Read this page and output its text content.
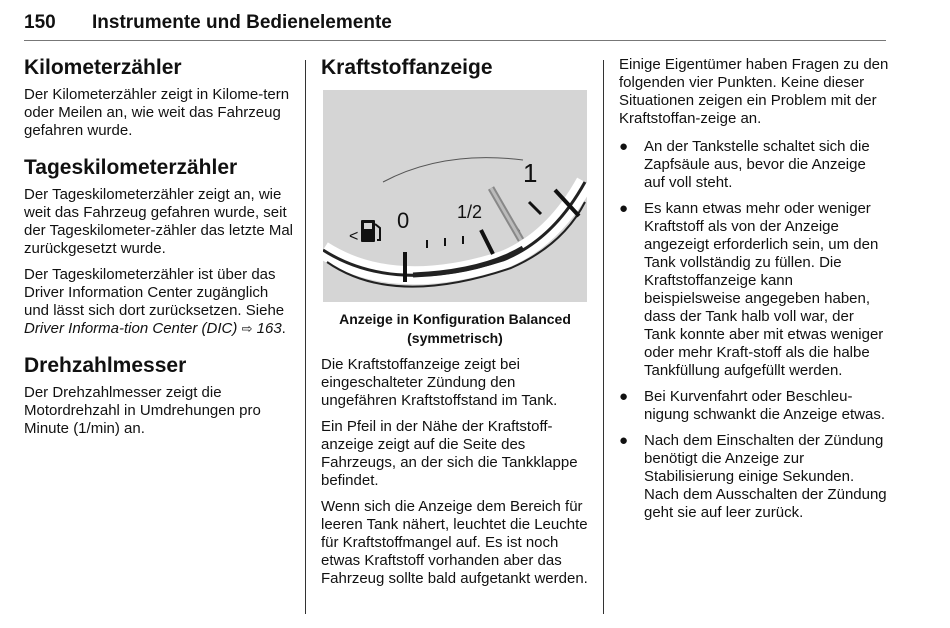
150 Instrumente und Bedienelemente
Kilometerzähler

Der Kilometerzähler zeigt in Kilome-tern oder Meilen an, wie weit das Fahrzeug gefahren wurde.

Tageskilometerzähler

Der Tageskilometerzähler zeigt an, wie weit das Fahrzeug gefahren wurde, seit der Tageskilometer-zähler das letzte Mal zurückgesetzt wurde.

Der Tageskilometerzähler ist über das Driver Information Center zugänglich und lässt sich dort zurücksetzen. Siehe Driver Informa-tion Center (DIC) ⇨ 163.

Drehzahlmesser

Der Drehzahlmesser zeigt die Motordrehzahl in Umdrehungen pro Minute (1/min) an.

Kraftstoffanzeige
0	1/2
1
<

Anzeige in Konfiguration Balanced (symmetrisch)

Die Kraftstoffanzeige zeigt bei eingeschalteter Zündung den ungefähren Kraftstoffstand im Tank.

Ein Pfeil in der Nähe der Kraftstoff-anzeige zeigt auf die Seite des Fahrzeugs, an der sich die Tankklappe befindet.

Wenn sich die Anzeige dem Bereich für leeren Tank nähert, leuchtet die Leuchte für Kraftstoffmangel auf. Es ist noch etwas Kraftstoff vorhanden aber das Fahrzeug sollte bald aufgetankt werden.

Einige Eigentümer haben Fragen zu den folgenden vier Punkten. Keine dieser Situationen zeigen ein Problem mit der Kraftstoffan-zeige an.

● An der Tankstelle schaltet sich die Zapfsäule aus, bevor die Anzeige auf voll steht.
● Es kann etwas mehr oder weniger Kraftstoff als von der Anzeige angezeigt erforderlich sein, um den Tank vollständig zu füllen. Die Kraftstoffanzeige kann beispielsweise angegeben haben, dass der Tank halb voll war, der Tank konnte aber mit etwas weniger oder mehr Kraft-stoff als die halbe Tankfüllung aufgefüllt werden.
● Bei Kurvenfahrt oder Beschleu-nigung schwankt die Anzeige etwas.
● Nach dem Einschalten der Zündung benötigt die Anzeige zur Stabilisierung einige Sekunden. Nach dem Ausschalten der Zündung geht sie auf leer zurück.
